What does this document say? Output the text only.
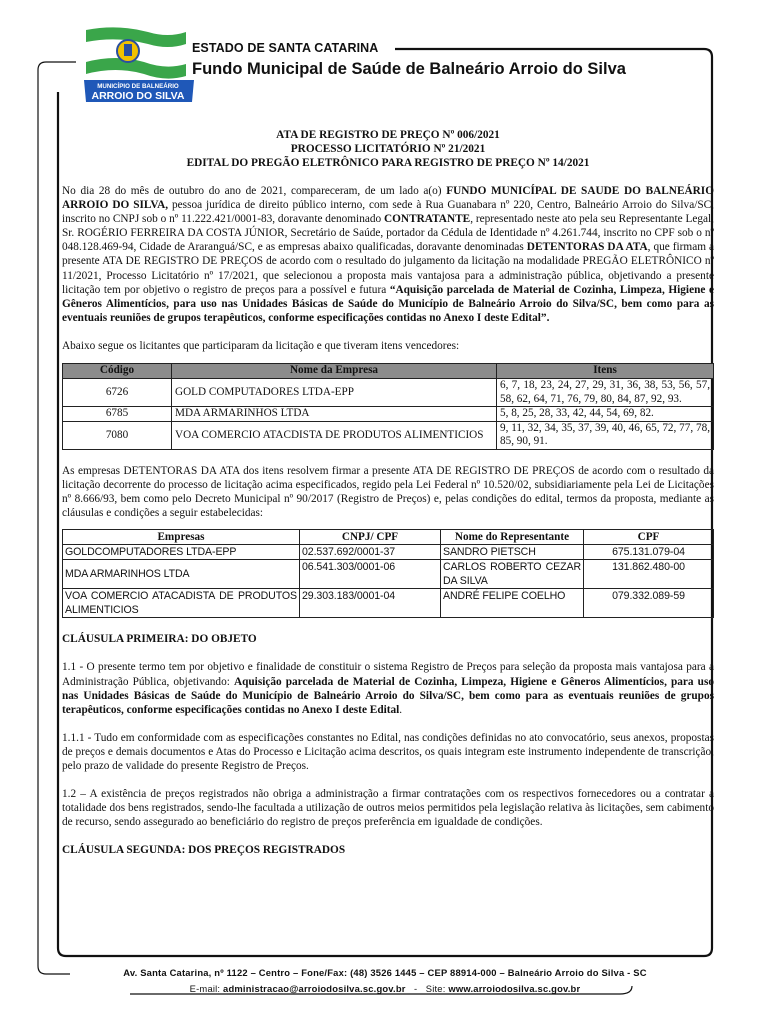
MUNICÍPIO DE BALNEÁRIO
ARROIO DO SILVA
ESTADO DE SANTA CATARINA
Fundo Municipal de Saúde de Balneário Arroio do Silva
ATA DE REGISTRO DE PREÇO Nº 006/2021
PROCESSO LICITATÓRIO Nº 21/2021
EDITAL DO PREGÃO ELETRÔNICO PARA REGISTRO DE PREÇO Nº 14/2021

No dia 28 do mês de outubro do ano de 2021, compareceram, de um lado a(o) FUNDO MUNICÍPAL DE SAUDE DO BALNEÁRIO ARROIO DO SILVA, pessoa jurídica de direito público interno, com sede à Rua Guanabara nº 220, Centro, Balneário Arroio do Silva/SC, inscrito no CNPJ sob o nº 11.222.421/0001-83, doravante denominado CONTRATANTE, representado neste ato pela seu Representante Legal, Sr. ROGÉRIO FERREIRA DA COSTA JÚNIOR, Secretário de Saúde, portador da Cédula de Identidade nº 4.261.744, inscrito no CPF sob o nº 048.128.469-94, Cidade de Araranguá/SC, e as empresas abaixo qualificadas, doravante denominadas DETENTORAS DA ATA, que firmam a presente ATA DE REGISTRO DE PREÇOS de acordo com o resultado do julgamento da licitação na modalidade PREGÃO ELETRÔNICO nº 11/2021, Processo Licitatório nº 17/2021, que selecionou a proposta mais vantajosa para a administração pública, objetivando a presente licitação tem por objetivo o registro de preços para a possível e futura “Aquisição parcelada de Material de Cozinha, Limpeza, Higiene e Gêneros Alimentícios, para uso nas Unidades Básicas de Saúde do Município de Balneário Arroio do Silva/SC, bem como para as eventuais reuniões de grupos terapêuticos, conforme especificações contidas no Anexo I deste Edital”.

Abaixo segue os licitantes que participaram da licitação e que tiveram itens vencedores:

Código	Nome da Empresa	Itens
6726	GOLD COMPUTADORES LTDA-EPP	6, 7, 18, 23, 24, 27, 29, 31, 36, 38, 53, 56, 57, 58, 62, 64, 71, 76, 79, 80, 84, 87, 92, 93.
6785	MDA ARMARINHOS LTDA	5, 8, 25, 28, 33, 42, 44, 54, 69, 82.
7080	VOA COMERCIO ATACDISTA DE PRODUTOS ALIMENTICIOS	9, 11, 32, 34, 35, 37, 39, 40, 46, 65, 72, 77, 78, 85, 90, 91.

As empresas DETENTORAS DA ATA dos itens resolvem firmar a presente ATA DE REGISTRO DE PREÇOS de acordo com o resultado da licitação decorrente do processo de licitação acima especificados, regido pela Lei Federal nº 10.520/02, subsidiariamente pela Lei de Licitações nº 8.666/93, bem como pelo Decreto Municipal nº 90/2017 (Registro de Preços) e, pelas condições do edital, termos da proposta, mediante as cláusulas e condições a seguir estabelecidas:

Empresas	CNPJ/ CPF	Nome do Representante	CPF
GOLDCOMPUTADORES LTDA-EPP	02.537.692/0001-37	SANDRO PIETSCH	675.131.079-04
MDA ARMARINHOS LTDA	06.541.303/0001-06	CARLOS ROBERTO CEZAR DA SILVA	131.862.480-00
VOA COMERCIO ATACADISTA DE PRODUTOS ALIMENTICIOS	29.303.183/0001-04	ANDRÉ FELIPE COELHO	079.332.089-59

CLÁUSULA PRIMEIRA: DO OBJETO

1.1 - O presente termo tem por objetivo e finalidade de constituir o sistema Registro de Preços para seleção da proposta mais vantajosa para a Administração Pública, objetivando: Aquisição parcelada de Material de Cozinha, Limpeza, Higiene e Gêneros Alimentícios, para uso nas Unidades Básicas de Saúde do Município de Balneário Arroio do Silva/SC, bem como para as eventuais reuniões de grupos terapêuticos, conforme especificações contidas no Anexo I deste Edital.

1.1.1 - Tudo em conformidade com as especificações constantes no Edital, nas condições definidas no ato convocatório, seus anexos, propostas de preços e demais documentos e Atas do Processo e Licitação acima descritos, os quais integram este instrumento independente de transcrição, pelo prazo de validade do presente Registro de Preços.

1.2 – A existência de preços registrados não obriga a administração a firmar contratações com os respectivos fornecedores ou a contratar a totalidade dos bens registrados, sendo-lhe facultada a utilização de outros meios permitidos pela legislação relativa às licitações, sem cabimento de recurso, sendo assegurado ao beneficiário do registro de preços preferência em igualdade de condições.

CLÁUSULA SEGUNDA: DOS PREÇOS REGISTRADOS

Av. Santa Catarina, nº 1122 – Centro – Fone/Fax: (48) 3526 1445 – CEP 88914-000 – Balneário Arroio do Silva - SC
E-mail: administracao@arroiodosilva.sc.gov.br   -   Site: www.arroiodosilva.sc.gov.br
